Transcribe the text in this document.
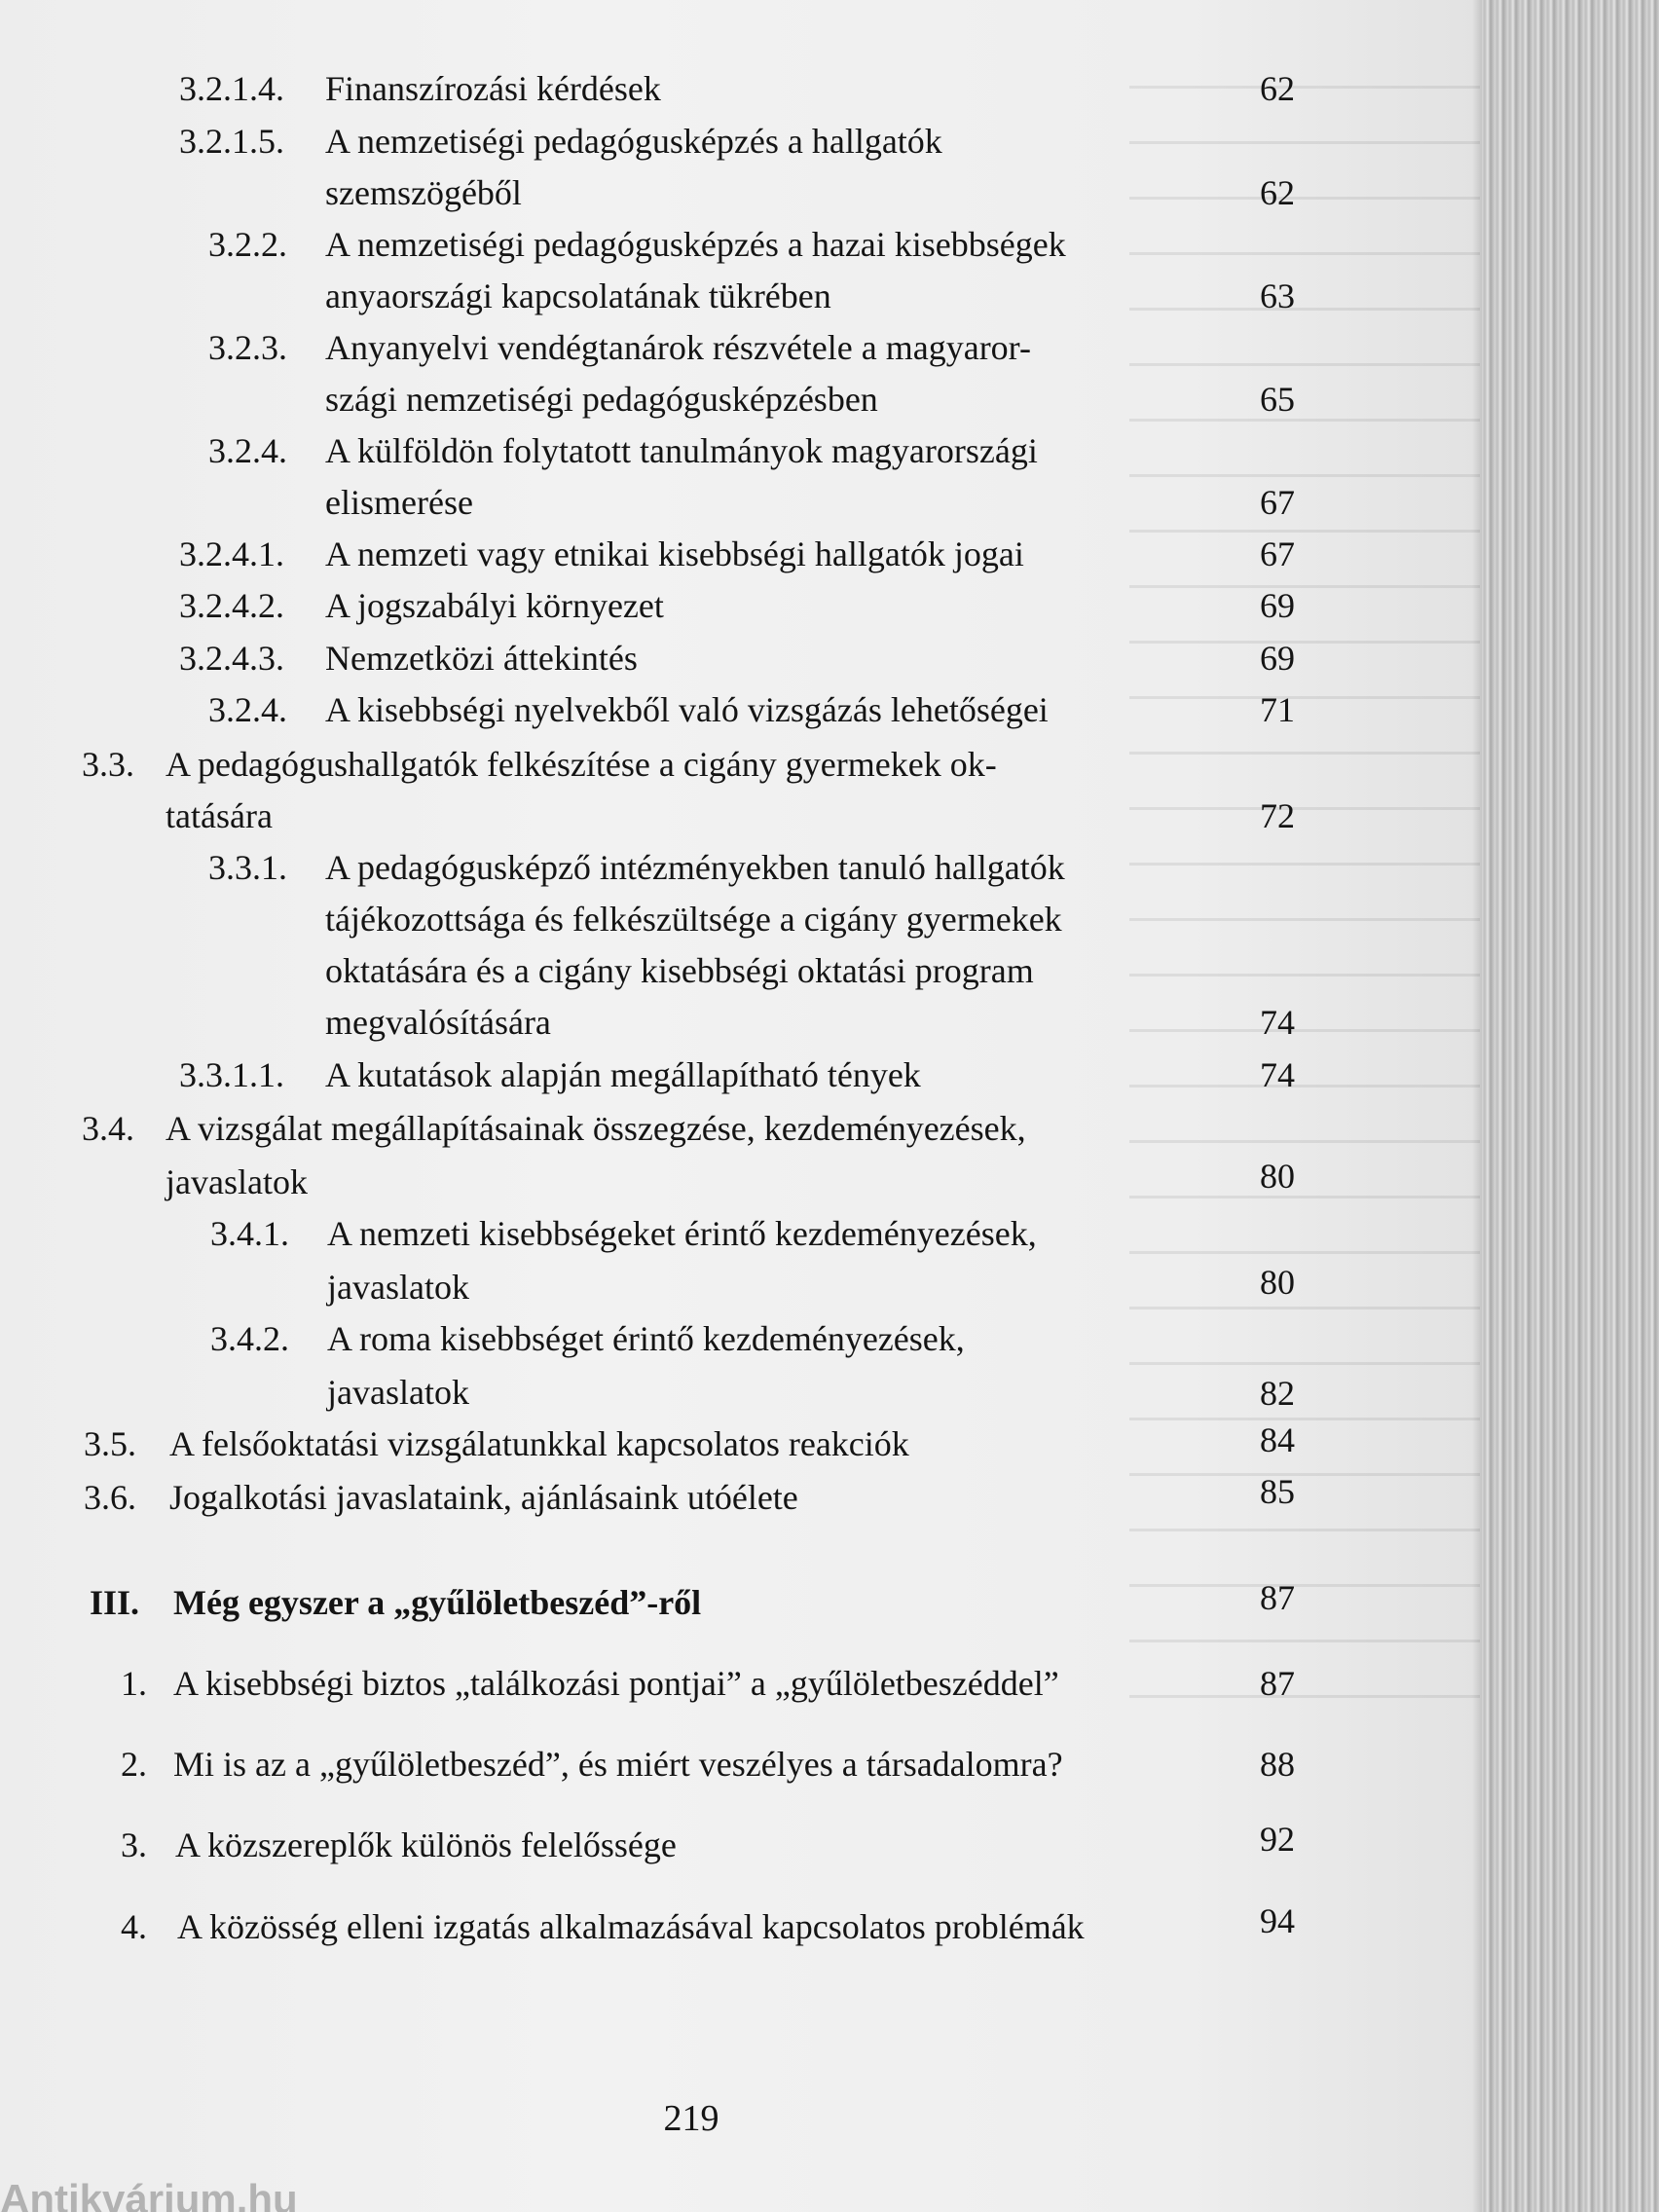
3.2.1.4. Finanszírozási kérdések	62
3.2.1.5. A nemzetiségi pedagógusképzés a hallgatók
szemszögéből	62
3.2.2. A nemzetiségi pedagógusképzés a hazai kisebbségek
anyaországi kapcsolatának tükrében	63
3.2.3. Anyanyelvi vendégtanárok részvétele a magyaror-
szági nemzetiségi pedagógusképzésben	65
3.2.4. A külföldön folytatott tanulmányok magyarországi
elismerése	67
3.2.4.1. A nemzeti vagy etnikai kisebbségi hallgatók jogai	67
3.2.4.2. A jogszabályi környezet	69
3.2.4.3. Nemzetközi áttekintés	69
3.2.4. A kisebbségi nyelvekből való vizsgázás lehetőségei	71
3.3. A pedagógushallgatók felkészítése a cigány gyermekek ok-
tatására	72
3.3.1. A pedagógusképző intézményekben tanuló hallgatók
tájékozottsága és felkészültsége a cigány gyermekek
oktatására és a cigány kisebbségi oktatási program
megvalósítására	74
3.3.1.1. A kutatások alapján megállapítható tények	74
3.4. A vizsgálat megállapításainak összegzése, kezdeményezések,
javaslatok	80
3.4.1. A nemzeti kisebbségeket érintő kezdeményezések,
javaslatok	80
3.4.2. A roma kisebbséget érintő kezdeményezések,
javaslatok	82
3.5. A felsőoktatási vizsgálatunkkal kapcsolatos reakciók	84
3.6. Jogalkotási javaslataink, ajánlásaink utóélete	85
III. Még egyszer a „gyűlöletbeszéd”-ről	87
1. A kisebbségi biztos „találkozási pontjai” a „gyűlöletbeszéddel”	87
2. Mi is az a „gyűlöletbeszéd”, és miért veszélyes a társadalomra?	88
3. A közszereplők különös felelőssége	92
4. A közösség elleni izgatás alkalmazásával kapcsolatos problémák	94
219
Antikvárium.hu
